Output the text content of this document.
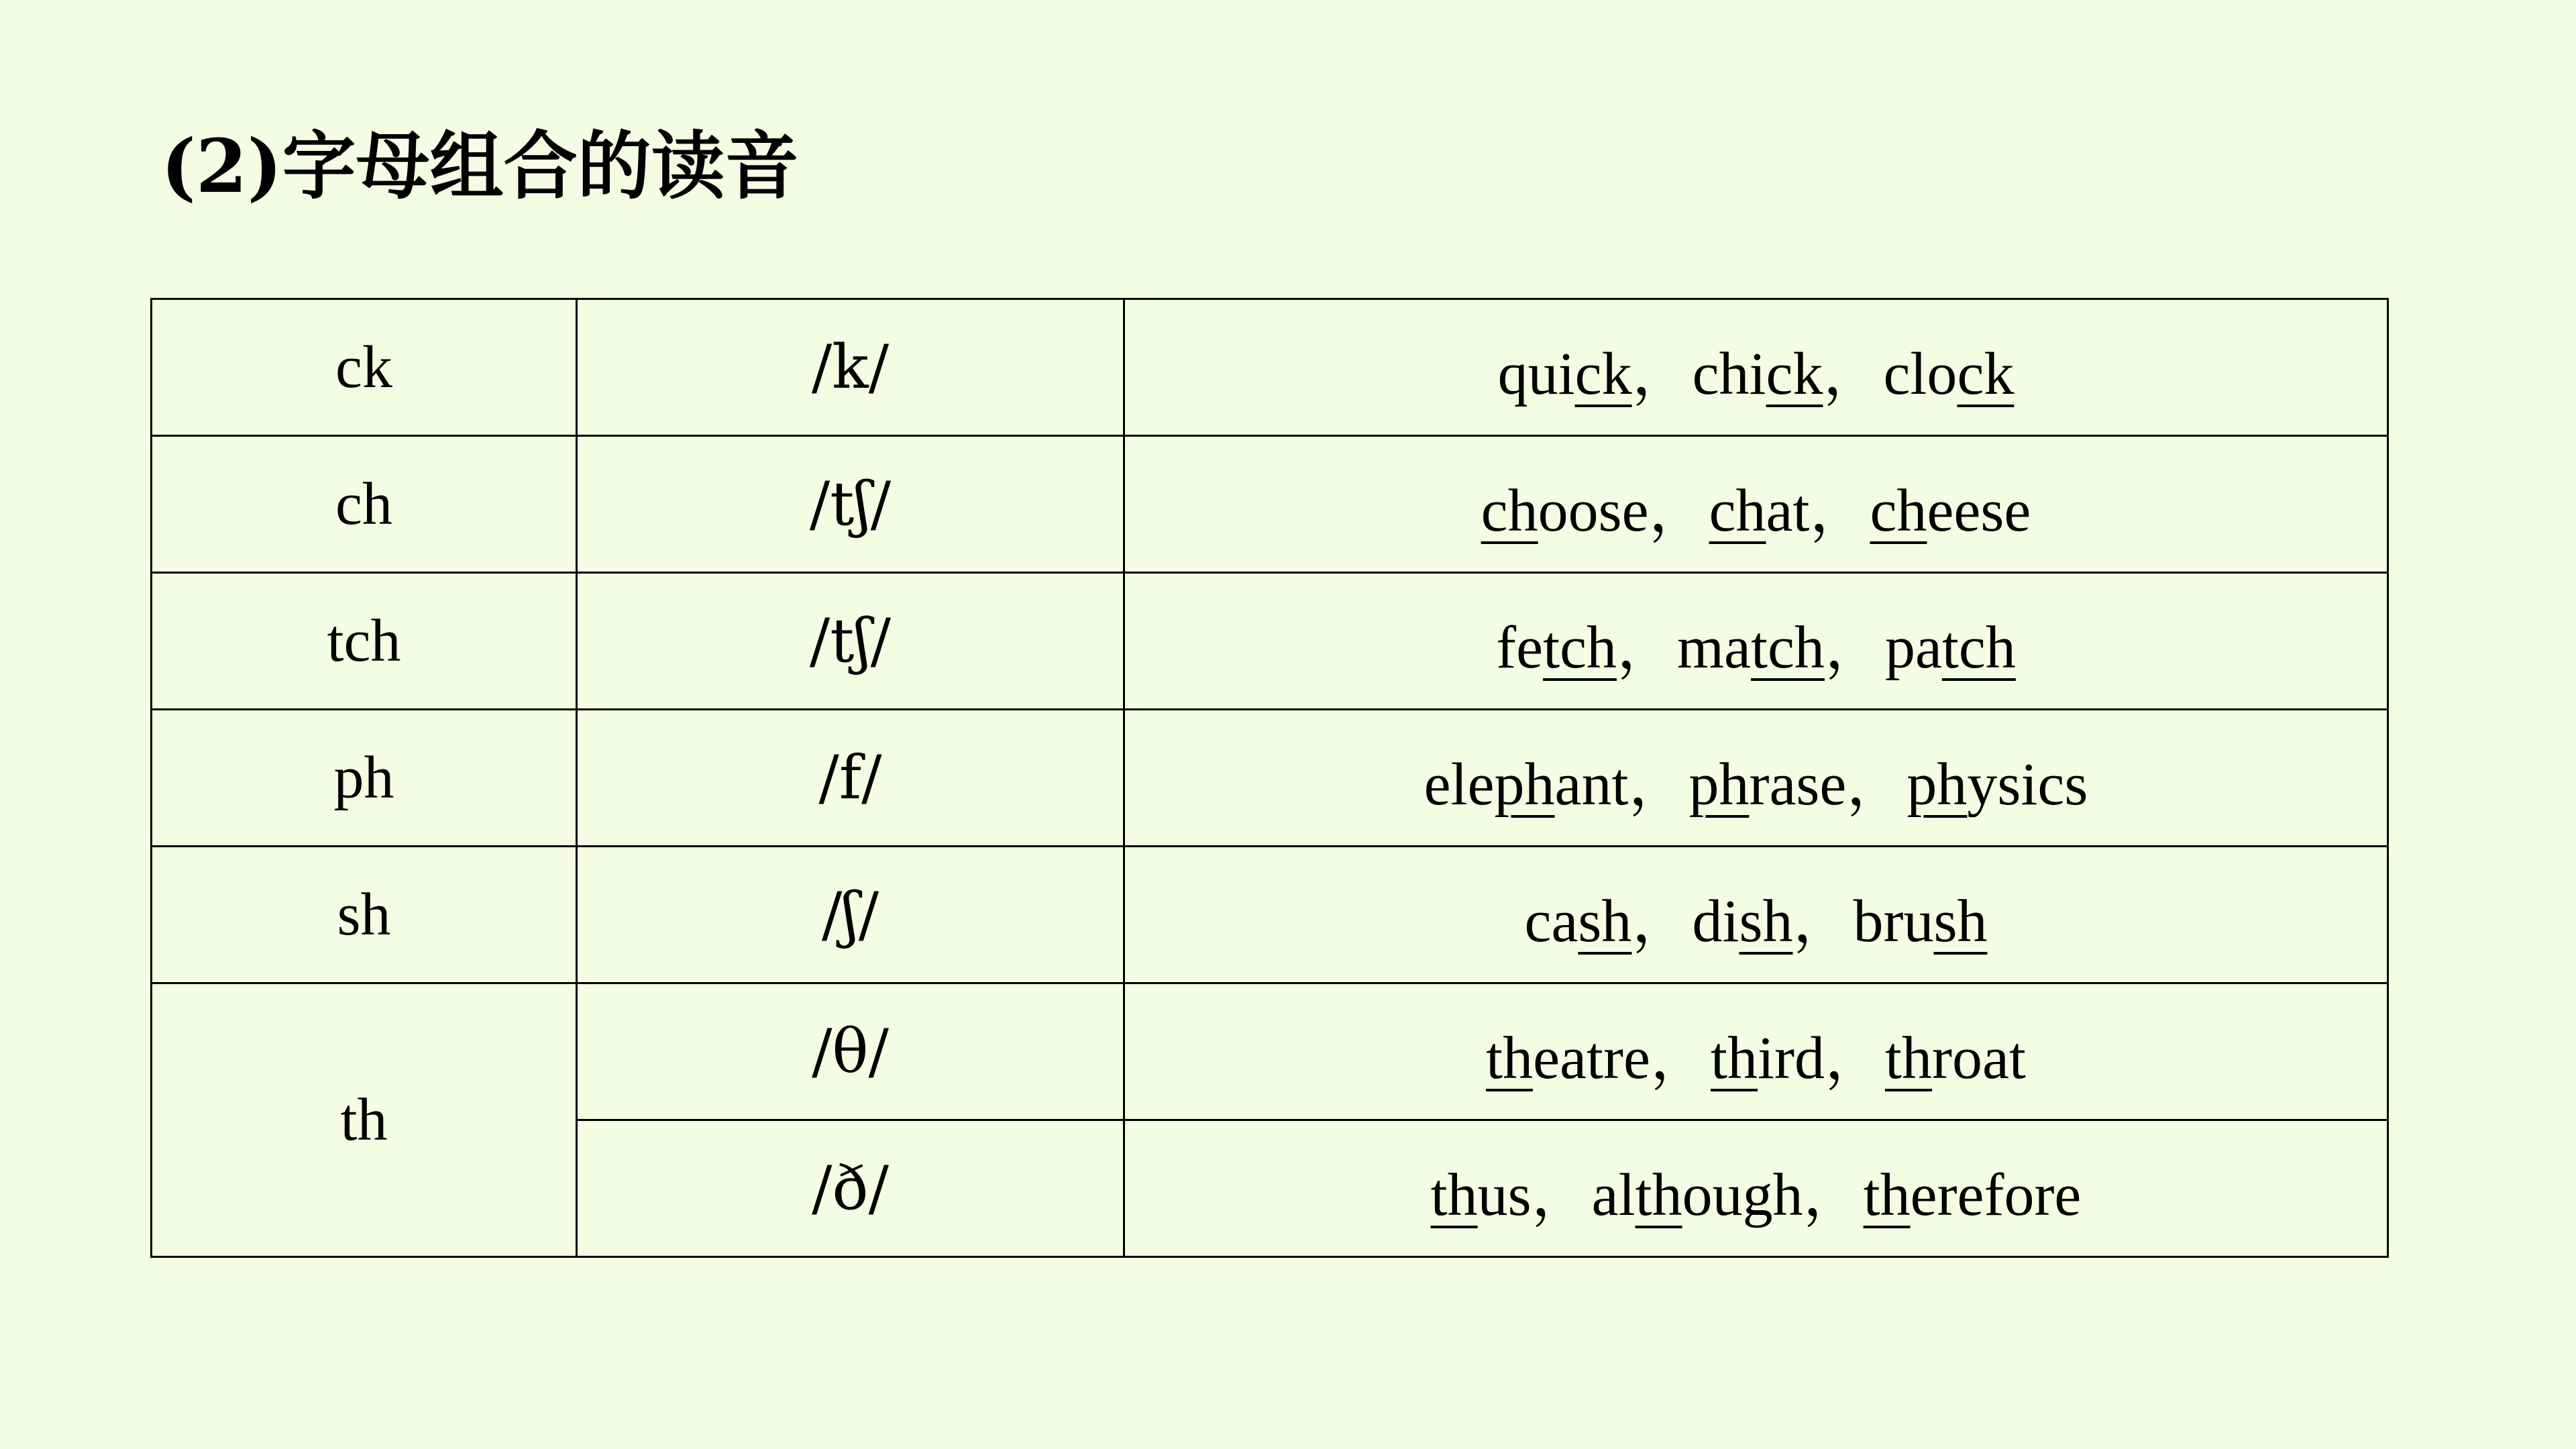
(2)字母组合的读音
ck	/k/	quick，chick，clock
ch	/tʃ/	choose，chat，cheese
tch	/tʃ/	fetch，match，patch
ph	/f/	elephant，phrase，physics
sh	/ʃ/	cash，dish，brush
th	/θ/	theatre，third，throat
	/ð/	thus，although，therefore
